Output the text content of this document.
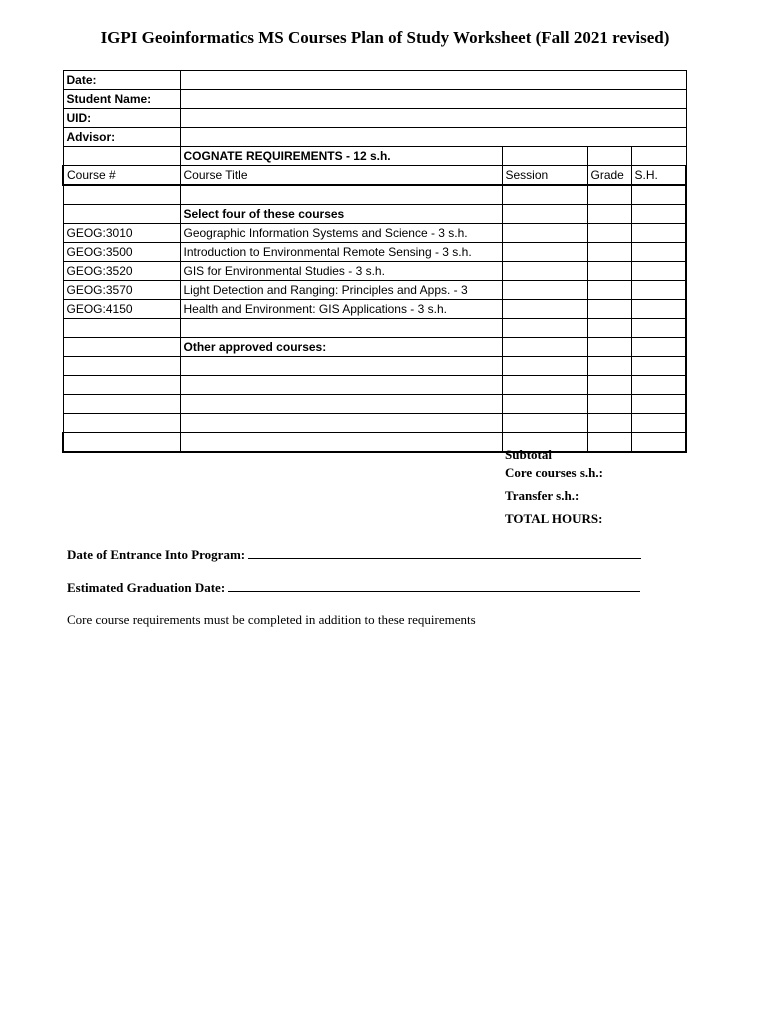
IGPI Geoinformatics MS Courses Plan of Study Worksheet (Fall 2021 revised)
Date:				
Student Name:				
UID:				
Advisor:				
	COGNATE REQUIREMENTS - 12 s.h.			
Course #	Course Title	Session	Grade	S.H.

	Select four of these courses			
GEOG:3010	Geographic Information Systems and Science - 3 s.h.			
GEOG:3500	Introduction to Environmental Remote Sensing - 3 s.h.			
GEOG:3520	GIS for Environmental Studies - 3 s.h.			
GEOG:3570	Light Detection and Ranging: Principles and Apps. - 3			
GEOG:4150	Health and Environment: GIS Applications - 3 s.h.			

	Other approved courses:			

Subtotal
Core courses s.h.:
Transfer s.h.:
TOTAL HOURS:
Date of Entrance Into Program:
Estimated Graduation Date:
Core course requirements must be completed in addition to these requirements
